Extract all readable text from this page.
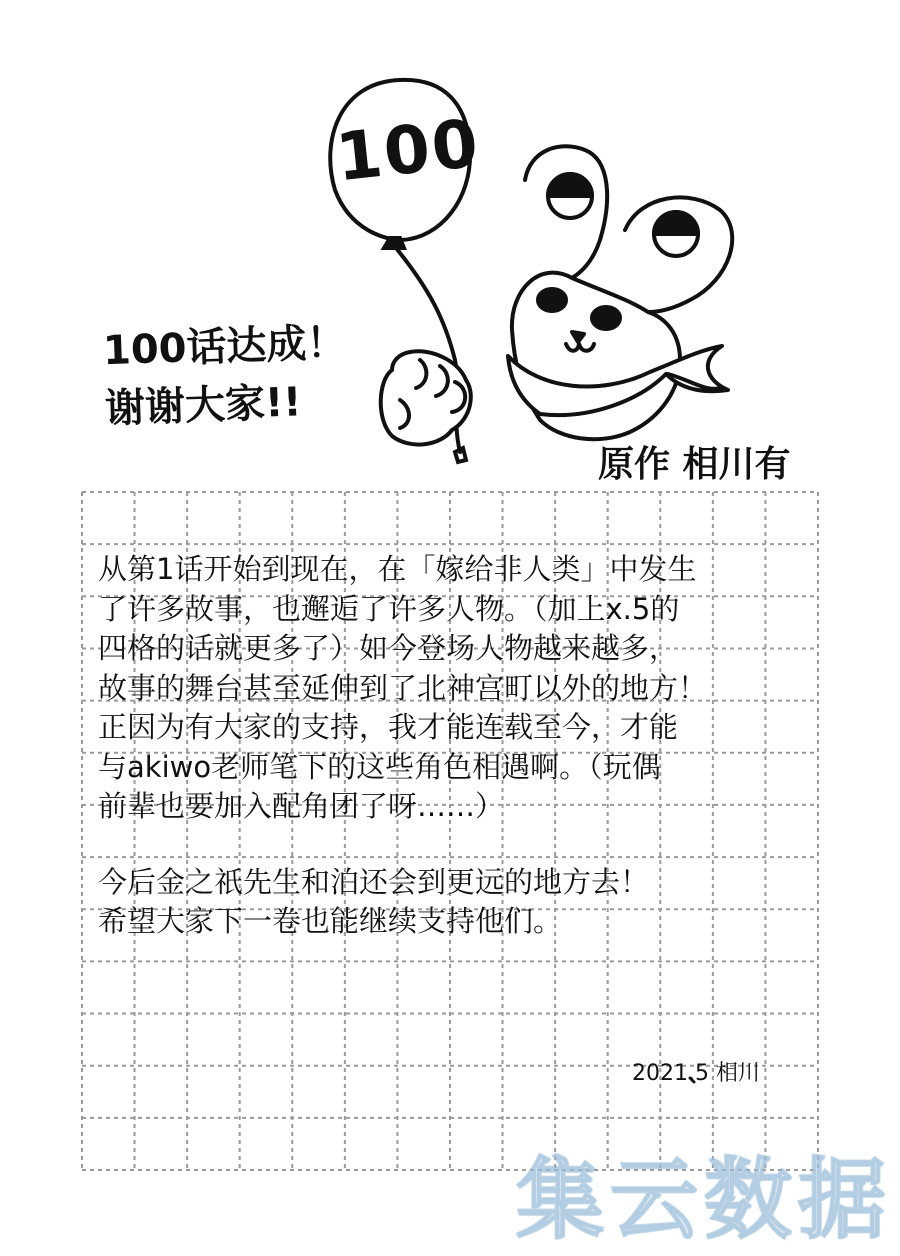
100
100话达成！
谢谢大家!!
原作 相川有
从第1话开始到现在，在「嫁给非人类」中发生
了许多故事，也邂逅了许多人物。（加上x.5的
四格的话就更多了）如今登场人物越来越多，
故事的舞台甚至延伸到了北神宫町以外的地方！
正因为有大家的支持，我才能连载至今，才能
与akiwo老师笔下的这些角色相遇啊。（玩偶
前辈也要加入配角团了呀……）
今后金之祇先生和泊还会到更远的地方去！
希望大家下一卷也能继续支持他们。
2021.5 相川
集云数据
